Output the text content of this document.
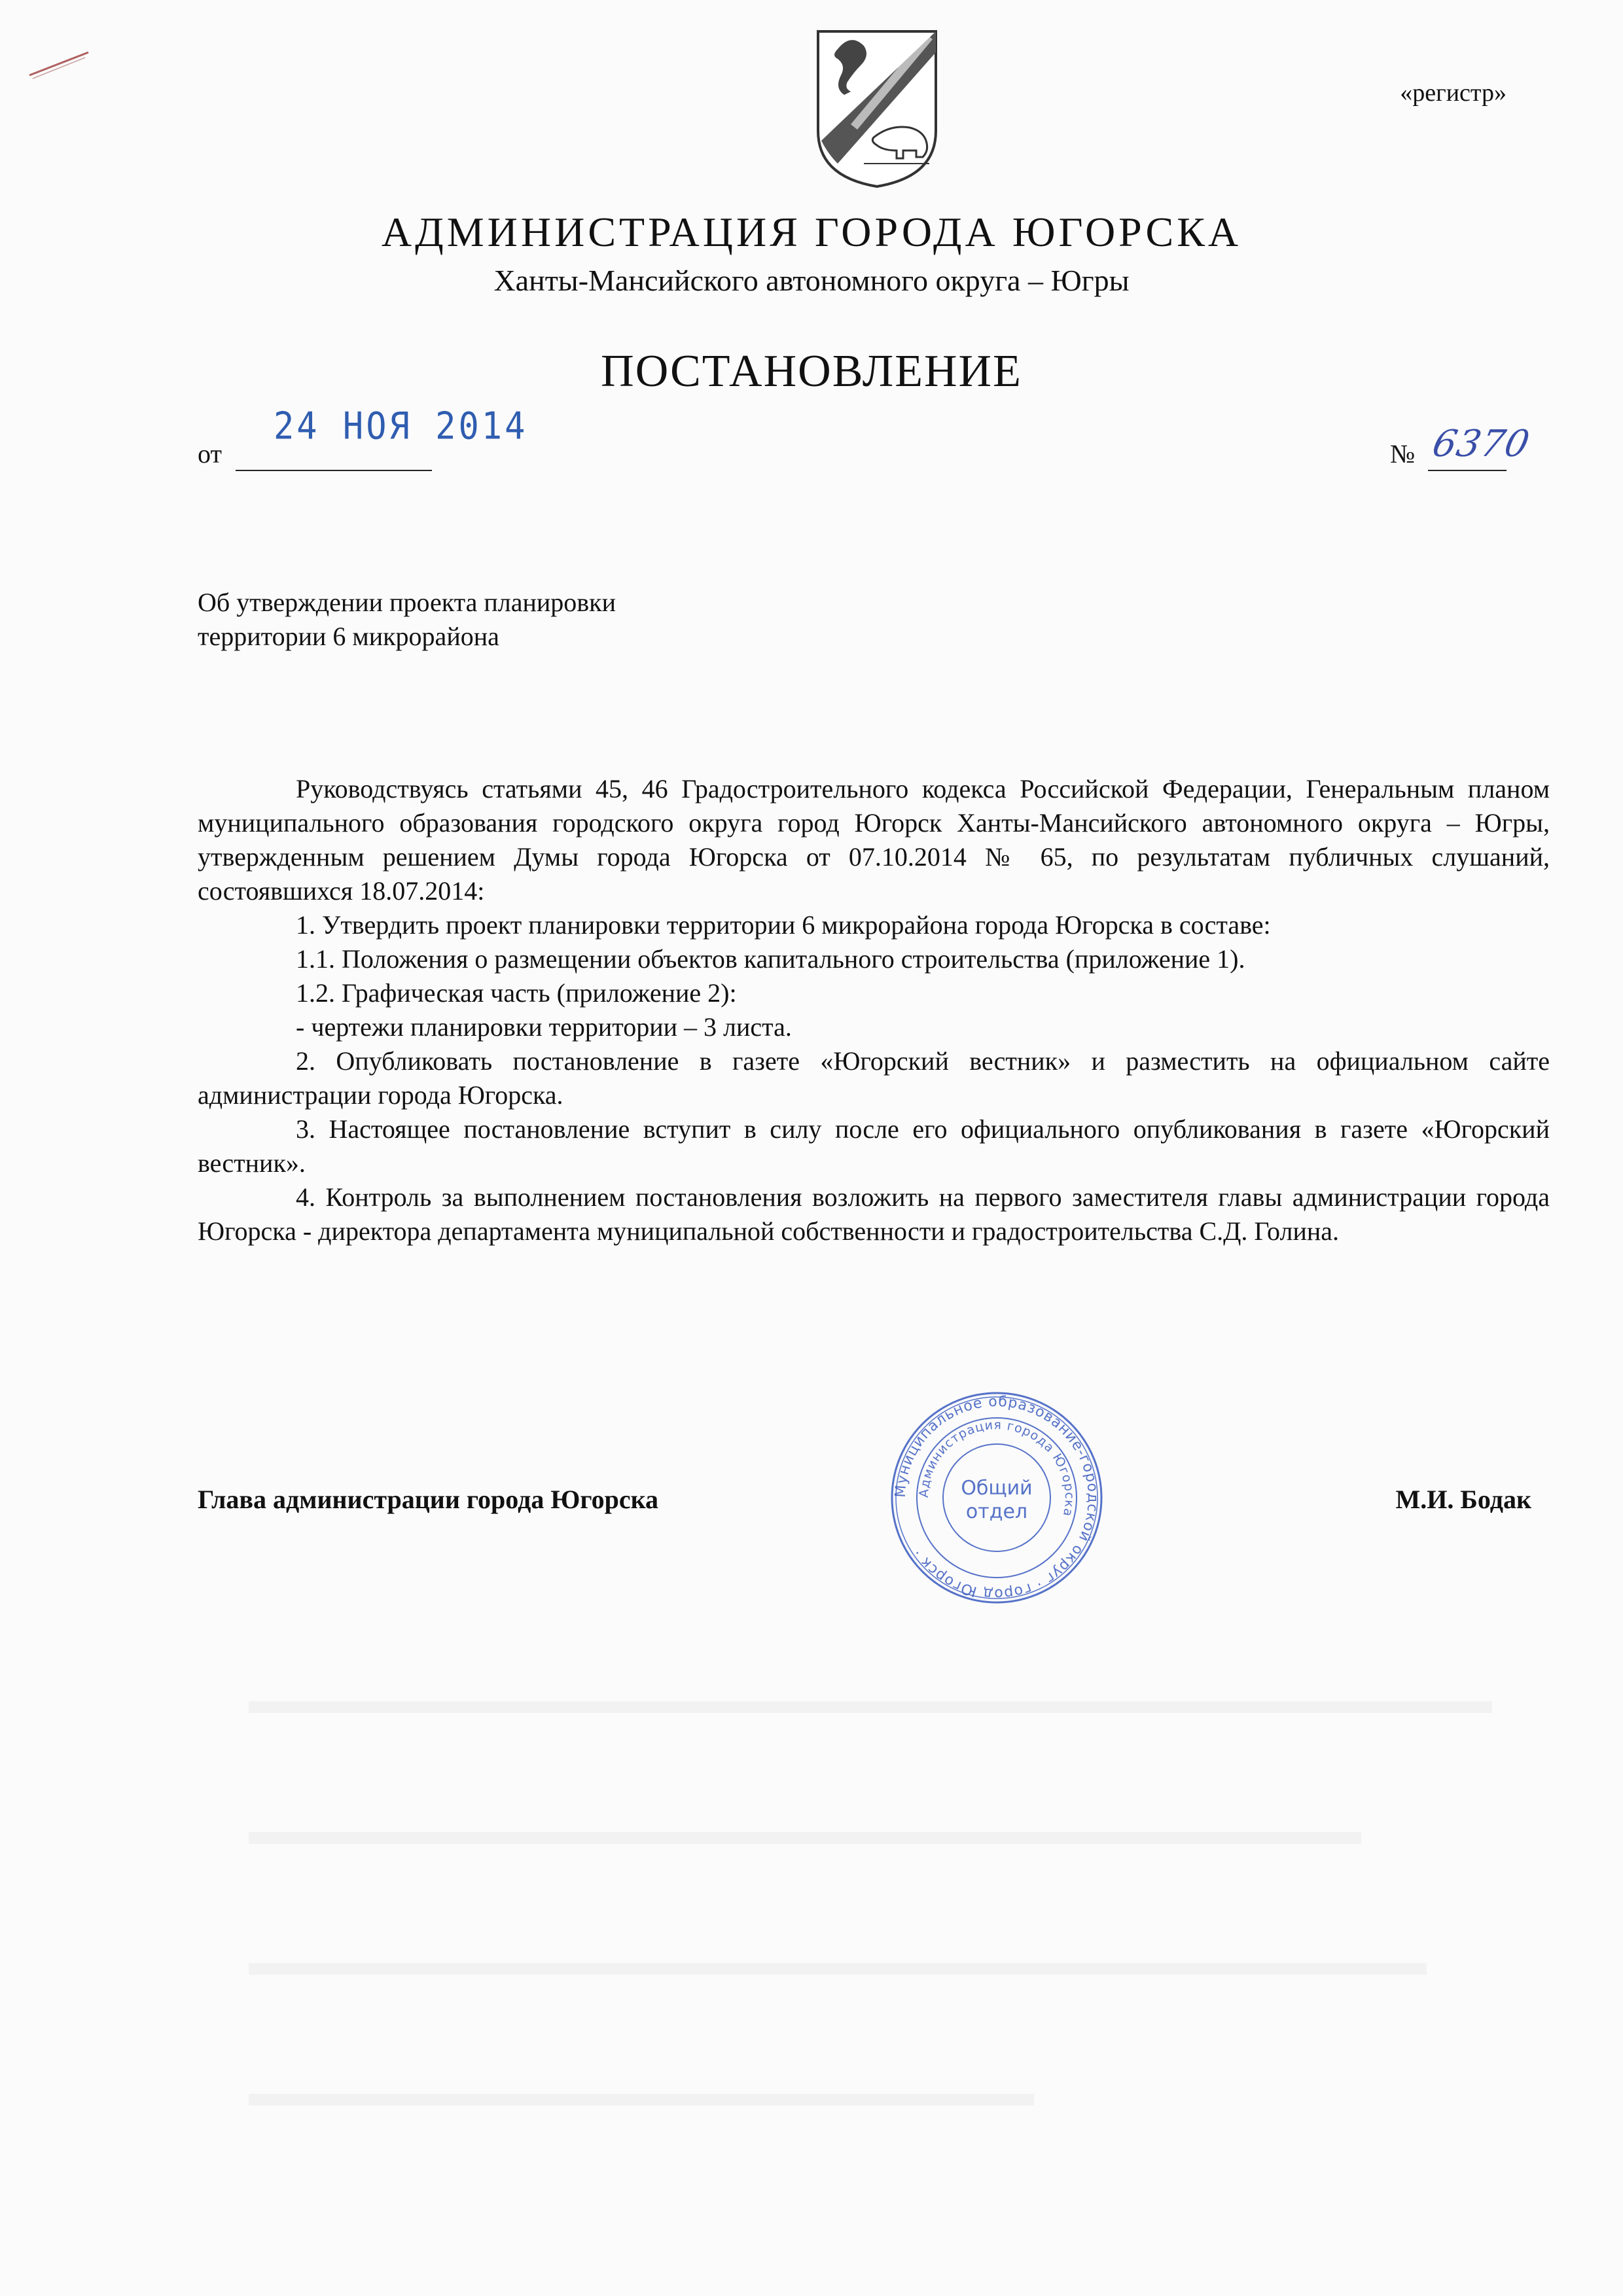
«регистр»
АДМИНИСТРАЦИЯ ГОРОДА ЮГОРСКА
Ханты-Мансийского автономного округа – Югры
ПОСТАНОВЛЕНИЕ
от
24 НОЯ 2014
№ 6370
Об утверждении проекта планировки
территории 6 микрорайона

Руководствуясь статьями 45, 46 Градостроительного кодекса Российской Федерации, Генеральным планом муниципального образования городского округа город Югорск Ханты-Мансийского автономного округа – Югры, утвержденным решением Думы города Югорска от 07.10.2014 № 65, по результатам публичных слушаний, состоявшихся 18.07.2014:

1. Утвердить проект планировки территории 6 микрорайона города Югорска в составе:

1.1. Положения о размещении объектов капитального строительства (приложение 1).

1.2. Графическая часть (приложение 2):

- чертежи планировки территории – 3 листа.

2. Опубликовать постановление в газете «Югорский вестник» и разместить на официальном сайте администрации города Югорска.

3. Настоящее постановление вступит в силу после его официального опубликования в газете «Югорский вестник».

4. Контроль за выполнением постановления возложить на первого заместителя главы администрации города Югорска - директора департамента муниципальной собственности и градостроительства С.Д. Голина.

Глава администрации города Югорска	М.И. Бодак
Муниципальное образование-городской округ · город Югорск ·
Администрация города Югорска
Общий
отдел
